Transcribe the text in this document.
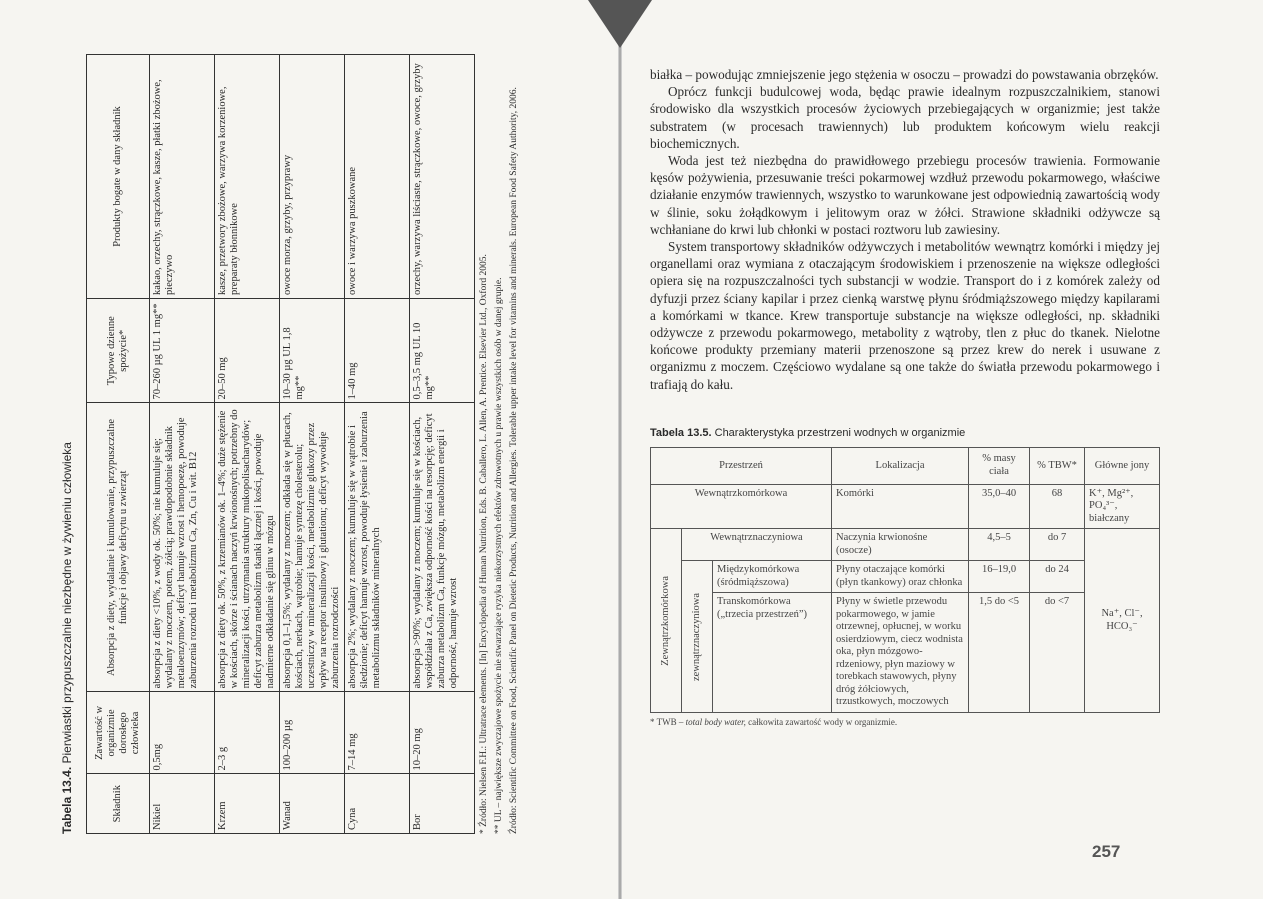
Tabela 13.4. Pierwiastki przypuszczalnie niezbędne w żywieniu człowieka
Składnik	Zawartość w organizmie dorosłego człowieka	Absorpcja z diety, wydalanie i kumulowanie, przypuszczalne funkcje i objawy deficytu u zwierząt	Typowe dzienne spożycie*	Produkty bogate w dany składnik
Nikiel	0,5mg	absorpcja z diety <10%, z wody ok. 50%; nie kumuluje się; wydalany z moczem, potem, żółcią; prawdopodobnie składnik metaloenzymów; deficyt hamuje wzrost i hemopoezę, powoduje zaburzenia rozrodu i metabolizmu Ca, Zn, Cu i wit. B12	70–260 µg UL 1 mg**	kakao, orzechy, strączkowe, kasze, płatki zbożowe, pieczywo
Krzem	2–3 g	absorpcja z diety ok. 50%, z krzemianów ok. 1–4%; duże stężenie w kościach, skórze i ścianach naczyń krwionośnych; potrzebny do mineralizacji kości, utrzymania struktury mukopolisacharydów; deficyt zaburza metabolizm tkanki łącznej i kości, powoduje nadmierne odkładanie się glinu w mózgu	20–50 mg	kasze, przetwory zbożowe, warzywa korzeniowe, preparaty błonnikowe
Wanad	100–200 µg	absorpcja 0,1–1,5%; wydalany z moczem; odkłada się w płucach, kościach, nerkach, wątrobie; hamuje syntezę cholesterolu; uczestniczy w mineralizacji kości, metabolizmie glukozy przez wpływ na receptor insulinowy i glutationu; deficyt wywołuje zaburzenia rozrodczości	10–30 µg UL 1,8 mg**	owoce morza, grzyby, przyprawy
Cyna	7–14 mg	absorpcja 2%; wydalany z moczem; kumuluje się w wątrobie i śledzionie; deficyt hamuje wzrost, powoduje łysienie i zaburzenia metabolizmu składników mineralnych	1–40 mg	owoce i warzywa puszkowane
Bor	10–20 mg	absorpcja >90%; wydalany z moczem; kumuluje się w kościach, współdziała z Ca, zwiększa odporność kości na resorpcję; deficyt zaburza metabolizm Ca, funkcje mózgu, metabolizm energii i odporność, hamuje wzrost	0,5–3,5 mg UL 10 mg**	orzechy, warzywa liściaste, strączkowe, owoce, grzyby
* Źródło: Nielsen F.H.: Ultratrace elements. [In] Encyclopedia of Human Nutrition, Eds. B. Caballero, L. Allen, A. Prentice. Elsevier Ltd., Oxford 2005. ** UL – największe zwyczajowe spożycie nie stwarzające ryzyka niekorzystnych efektów zdrowotnych u prawie wszystkich osób w danej grupie. Źródło: Scientific Committee on Food, Scientific Panel on Dietetic Products, Nutrition and Allergies. Tolerable upper intake level for vitamins and minerals. European Food Safety Authority, 2006.

białka – powodując zmniejszenie jego stężenia w osoczu – prowadzi do powstawania obrzęków.

Oprócz funkcji budulcowej woda, będąc prawie idealnym rozpuszczalnikiem, stanowi środowisko dla wszystkich procesów życiowych przebiegających w organizmie; jest także substratem (w procesach trawiennych) lub produktem końcowym wielu reakcji biochemicznych.

Woda jest też niezbędna do prawidłowego przebiegu procesów trawienia. Formowanie kęsów pożywienia, przesuwanie treści pokarmowej wzdłuż przewodu pokarmowego, właściwe działanie enzymów trawiennych, wszystko to warunkowane jest odpowiednią zawartością wody w ślinie, soku żołądkowym i jelitowym oraz w żółci. Strawione składniki odżywcze są wchłaniane do krwi lub chłonki w postaci roztworu lub zawiesiny.

System transportowy składników odżywczych i metabolitów wewnątrz komórki i między jej organellami oraz wymiana z otaczającym środowiskiem i przenoszenie na większe odległości opiera się na rozpuszczalności tych substancji w wodzie. Transport do i z komórek zależy od dyfuzji przez ściany kapilar i przez cienką warstwę płynu śródmiąższowego między kapilarami a komórkami w tkance. Krew transportuje substancje na większe odległości, np. składniki odżywcze z przewodu pokarmowego, metabolity z wątroby, tlen z płuc do tkanek. Nielotne końcowe produkty przemiany materii przenoszone są przez krew do nerek i usuwane z organizmu z moczem. Częściowo wydalane są one także do światła przewodu pokarmowego i trafiają do kału.

Tabela 13.5. Charakterystyka przestrzeni wodnych w organizmie
Przestrzeń			Lokalizacja	% masy ciała	% TBW*	Główne jony
Wewnątrzkomórkowa			Komórki	35,0–40	68	K⁺, Mg²⁺, PO₄³⁻, białczany

Zewnątrzkomórkowa	Wewnątrznaczyniowa		Naczynia krwionośne (osocze)	4,5–5	do 7	Na⁺, Cl⁻, HCO₃⁻

	zewnątrznaczyniowa	Międzykomórkowa (śródmiąższowa)	Płyny otaczające komórki (płyn tkankowy) oraz chłonka	16–19,0	do 24	
		Transkomórkowa („trzecia przestrzeń”)	Płyny w świetle przewodu pokarmowego, w jamie otrzewnej, opłucnej, w worku osierdziowym, ciecz wodnista oka, płyn mózgowo-rdzeniowy, płyn maziowy w torebkach stawowych, płyny dróg żółciowych, trzustkowych, moczowych	1,5 do <5	do <7	
* TWB – total body water, całkowita zawartość wody w organizmie.
257
